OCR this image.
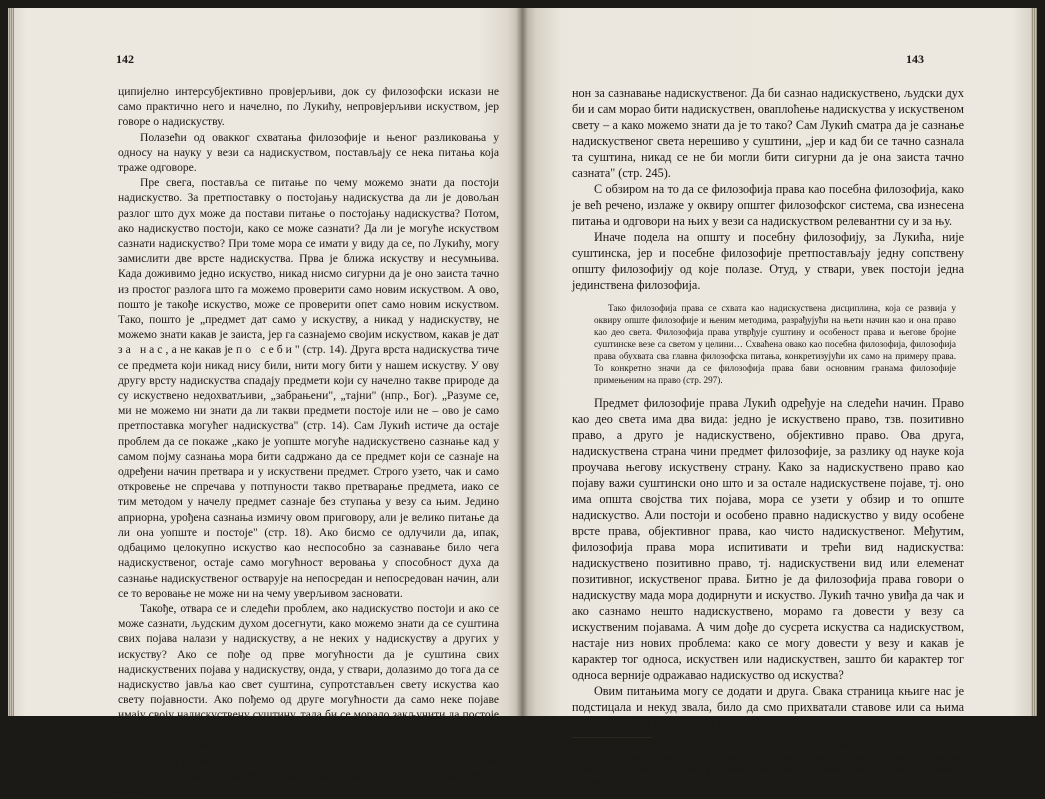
142

ципијелно интерсубјективно провјерљиви, док су филозофски искази не само практично него и начелно, по Лукићу, непровјерљиви искуством, јер говоре о надискуству.

Полазећи од овакког схватања филозофије и њеног разликовања у односу на науку у вези са надискуством, постављају се нека питања која траже одговоре.

Пре свега, поставља се питање по чему можемо знати да постоји надискуство. За претпоставку о постојању надискуства да ли је довољан разлог што дух може да постави питање о постојању надискуства? Потом, ако надискуство постоји, како се може сазнати? Да ли је могуће искуством сазнати надискуство? При томе мора се имати у виду да се, по Лукићу, могу замислити две врсте надискуства. Прва је ближа искуству и несумњива. Када доживимо једно искуство, никад нисмо сигурни да је оно заиста тачно из простог разлога што га можемо проверити само новим искуством. А ово, пошто је такође искуство, може се проверити опет само новим искуством. Тако, пошто је „предмет дат само у искуству, а никад у надискуству, не можемо знати какав је заиста, јер га сазнајемо својим искуством, какав је дат за нас, а не какав је по себи" (стр. 14). Друга врста надискуства тиче се предмета који никад нису били, нити могу бити у нашем искуству. У ову другу врсту надискуства спадају предмети који су начелно такве природе да су искуствено недохватљиви, „забрањени", „тајни" (нпр., Бог). „Разуме се, ми не можемо ни знати да ли такви предмети постоје или не – ово је само претпоставка могућег надискуства" (стр. 14). Сам Лукић истиче да остаје проблем да се покаже „како је уопште могуће надискуствено сазнање кад у самом појму сазнања мора бити садржано да се предмет који се сазнаје на одређени начин претвара и у искуствени предмет. Строго узето, чак и само откровење не спречава у потпуности такво претварање предмета, иако се тим методом у начелу предмет сазнаје без ступања у везу са њим. Једино априорна, урођена сазнања измичу овом приговору, али је велико питање да ли она уопште и постоје" (стр. 18). Ако бисмо се одлучили да, ипак, одбацимо целокупно искуство као неспособно за сазнавање било чега надискуственог, остаје само могућност веровања у способност духа да сазнање надискуственог остварује на непосредан и непосредован начин, али се то веровање не може ни на чему уверљивом засновати.

Такође, отвара се и следећи проблем, ако надискуство постоји и ако се може сазнати, људским духом досегнути, како можемо знати да се суштина свих појава налази у надискуству, а не неких у надискуству а других у искуству? Ако се пође од прве могућности да је суштина свих надискуствених појава у надискуству, онда, у ствари, долазимо до тога да се надискуство јавља као свет суштина, супротстављен свету искуства као свету појавности. Ако пођемо од друге могућности да само неке појаве имају своју надискуствену суштину, тада би се морало закључити да постоје и појаве без суштина.

Следећи проблем везан је за органон надискуства. Да ли је дух способан за сазнање било чега надискуственог? Односно, да ли је људски дух структуриран и изведен из праксе, искуства? Ако јесте, непримерен је орга-

143

нон за сазнавање надискуственог. Да би сазнао надискуствено, људски дух би и сам морао бити надискуствен, оваплоћење надискуства у искуственом свету – а како можемо знати да је то тако? Сам Лукић сматра да је сазнање надискуственог света нерешиво у суштини, „јер и кад би се тачно сазнала та суштина, никад се не би могли бити сигурни да је она заиста тачно сазната" (стр. 245).

С обзиром на то да се филозофија права као посебна филозофија, како је већ речено, излаже у оквиру општег филозофског система, сва изнесена питања и одговори на њих у вези са надискуством релевантни су и за њу.

Иначе подела на општу и посебну филозофију, за Лукића, није суштинска, јер и посебне филозофије претпостављају једну сопствену општу филозофију од које полазе. Отуд, у ствари, увек постоји једна јединствена филозофија.

Тако филозофија права се схвата као надискуствена дисциплина, која се развија у оквиру опште филозофије и њеним методима, разрађујући на њети начин као и она право као део света. Филозофија права утврђује суштину и особеност права и његове бројне суштинске везе са светом у целини… Схваћена овако као посебна филозофија, филозофија права обухвата сва главна филозофска питања, конкретизујући их само на примеру права. То конкретно значи да се филозофија права бави основним гранама филозофије примењеним на право (стр. 297).

Предмет филозофије права Лукић одређује на следећи начин. Право као део света има два вида: једно је искуствено право, тзв. позитивно право, а друго је надискуствено, објективно право. Ова друга, надискуствена страна чини предмет филозофије, за разлику од науке која проучава његову искуствену страну. Како за надискуствено право као појаву важи суштински оно што и за остале надискуствене појаве, тј. оно има општа својства тих појава, мора се узети у обзир и то опште надискуство. Али постоји и особено правно надискуство у виду особене врсте права, објективног права, као чисто надискуственог. Међутим, филозофија права мора испитивати и трећи вид надискуства: надискуствено позитивно право, тј. надискуствени вид или елеменат позитивног, искуственог права. Битно је да филозофија права говори о надискуству мада мора додирнути и искуство. Лукић тачно увиђа да чак и ако сазнамо нешто надискуствено, морамо га довести у везу са искуственим појавама. А чим дође до сусрета искуства са надискуством, настаје низ нових проблема: како се могу довести у везу и какав је карактер тог односа, искуствен или надискуствен, зашто би карактер тог односа верније одражавао надискуство од искуства?

Овим питањима могу се додати и друга. Свака страница књиге нас је подстицала и некуд звала, било да смо прихватали ставове или са њима полемисали,$^8$ у томе и јесте снага и лепота овог Лукићевог дела. Ово је рад

$^8$ Само да напоменемо: интересантну полемику са Лукићевим схватањем традиционалних подела на јавно и приватно, објективно и субјективно право налазимо код Жерара Тимсита, професора у Паризу (Сорбона), у његовој књизи Теме и системи права. (J. Thimsit, Thèmes et systèmes, Paris 1986).
